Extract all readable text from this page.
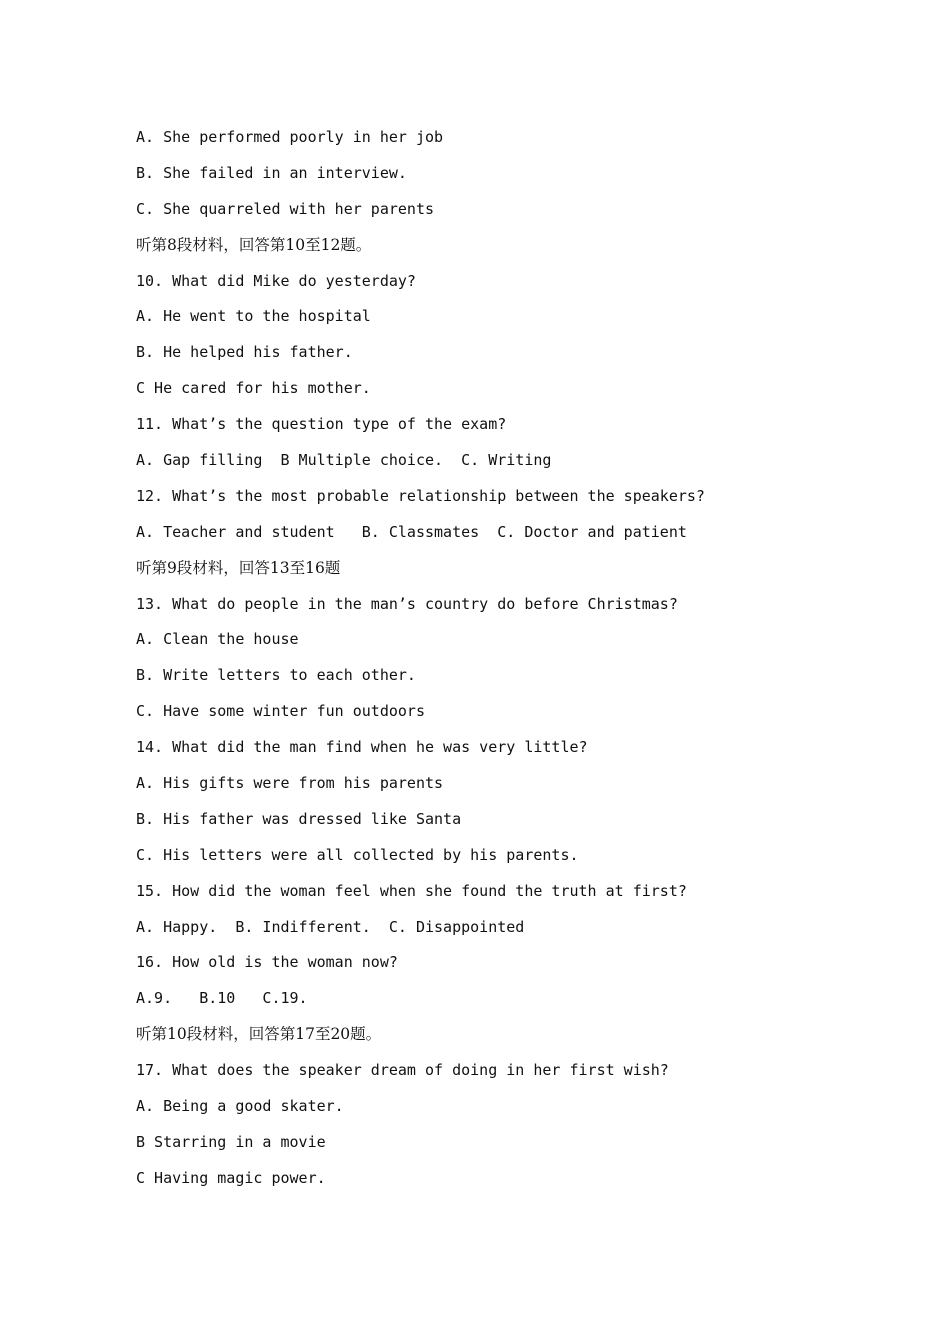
A. She performed poorly in her job
B. She failed in an interview.
C. She quarreled with her parents
听第8段材料，回答第10至12题。
10. What did Mike do yesterday?
A. He went to the hospital
B. He helped his father.
C He cared for his mother.
11. What’s the question type of the exam?
A. Gap filling  B Multiple choice.  C. Writing
12. What’s the most probable relationship between the speakers?
A. Teacher and student   B. Classmates  C. Doctor and patient
听第9段材料，回答13至16题
13. What do people in the man’s country do before Christmas?
A. Clean the house
B. Write letters to each other.
C. Have some winter fun outdoors
14. What did the man find when he was very little?
A. His gifts were from his parents
B. His father was dressed like Santa
C. His letters were all collected by his parents.
15. How did the woman feel when she found the truth at first?
A. Happy.  B. Indifferent.  C. Disappointed
16. How old is the woman now?
A.9.   B.10   C.19.
听第10段材料，回答第17至20题。
17. What does the speaker dream of doing in her first wish?
A. Being a good skater.
B Starring in a movie
C Having magic power.
